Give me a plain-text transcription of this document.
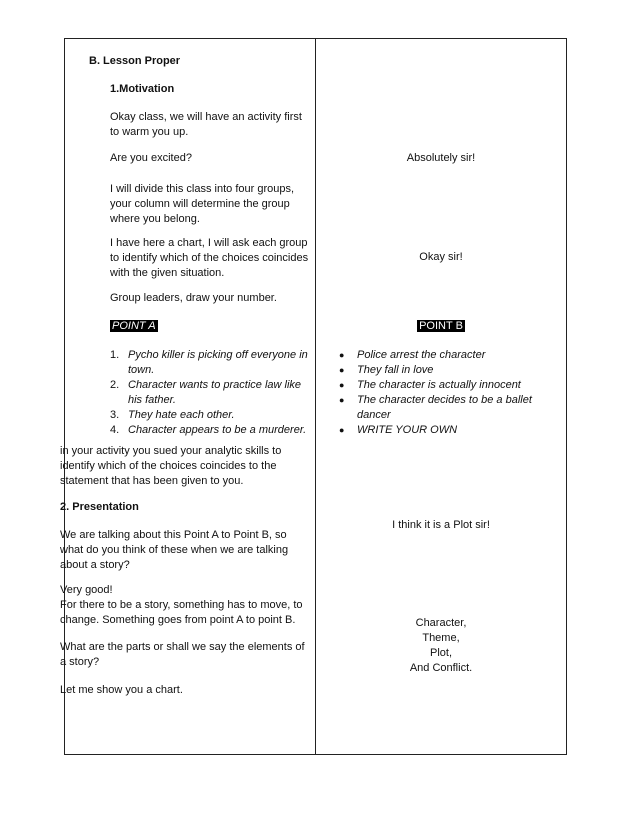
B. Lesson Proper
1.Motivation
Okay class, we will have an activity first to warm you up.
Are you excited?
I will divide this class into four groups, your column will determine the group where you belong.
I have here a chart, I will ask each group to identify which of the choices coincides with the given situation.
Group leaders, draw your number.
POINT A
1. Pycho killer is picking off everyone in town.
2. Character wants to practice law like his father.
3. They hate each other.
4. Character appears to be a murderer.
in your activity you sued your analytic skills to identify which of the choices coincides to the statement that has been given to you.
2. Presentation
We are talking about this Point A to Point B, so what do you think of these when we are talking about a story?
Very good!
For there to be a story, something has to move, to change. Something goes from point A to point B.
What are the parts or shall we say the elements of a story?
Let me show you a chart.
Absolutely sir!
Okay sir!
POINT B
● Police arrest the character
● They fall in love
● The character is actually innocent
● The character decides to be a ballet dancer
● WRITE YOUR OWN
I think it is a Plot sir!
Character,
Theme,
Plot,
And Conflict.
